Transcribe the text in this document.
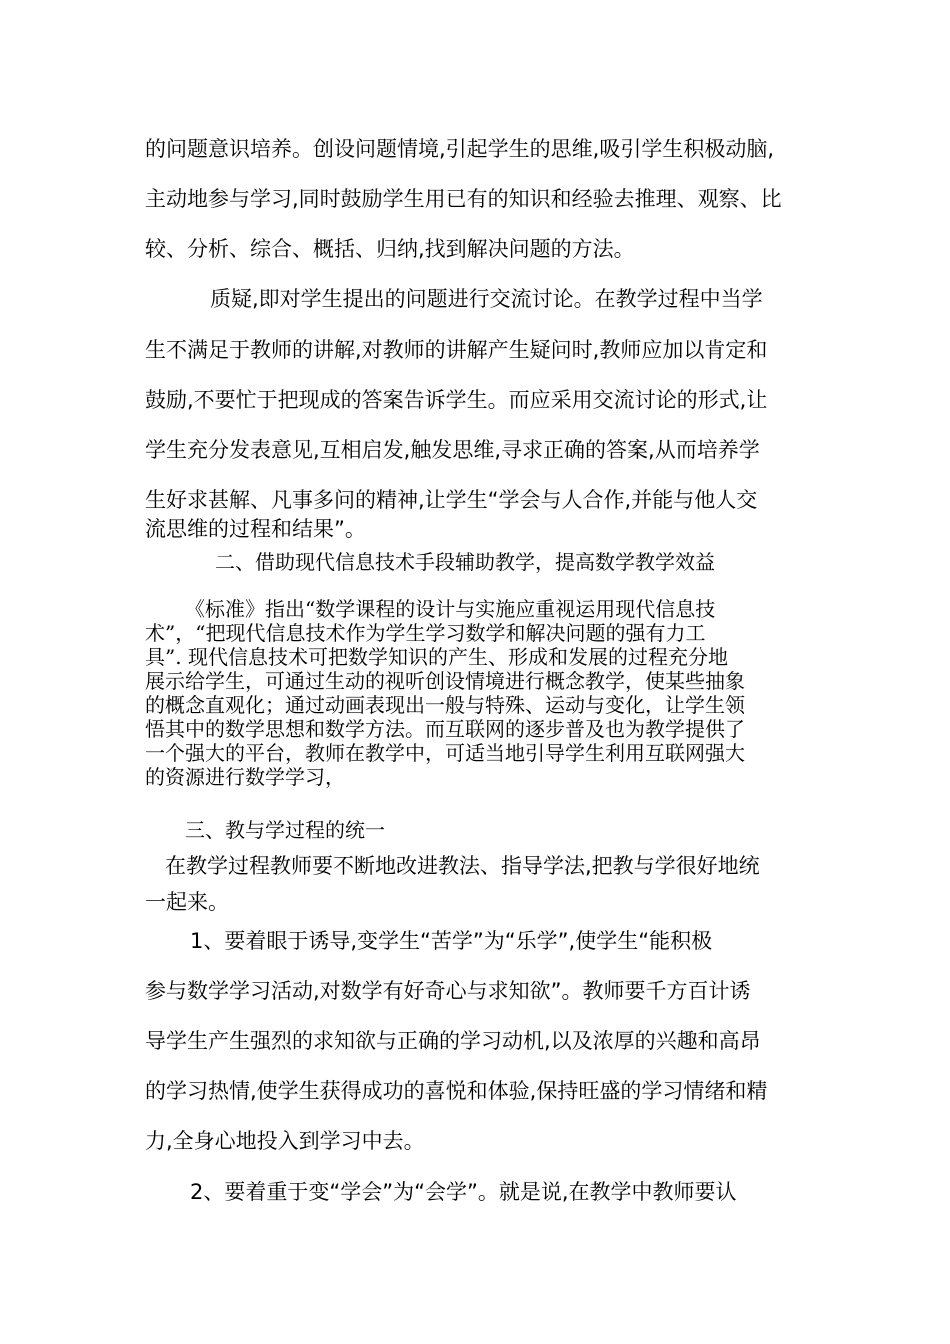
的问题意识培养。创设问题情境,引起学生的思维,吸引学生积极动脑,
主动地参与学习,同时鼓励学生用已有的知识和经验去推理、观察、比
较、分析、综合、概括、归纳,找到解决问题的方法。
质疑,即对学生提出的问题进行交流讨论。在教学过程中当学
生不满足于教师的讲解,对教师的讲解产生疑问时,教师应加以肯定和
鼓励,不要忙于把现成的答案告诉学生。而应采用交流讨论的形式,让
学生充分发表意见,互相启发,触发思维,寻求正确的答案,从而培养学
生好求甚解、凡事多问的精神,让学生“学会与人合作,并能与他人交
流思维的过程和结果”。
二、借助现代信息技术手段辅助教学，提高数学教学效益
《标准》指出“数学课程的设计与实施应重视运用现代信息技
术”，“把现代信息技术作为学生学习数学和解决问题的强有力工
具”. 现代信息技术可把数学知识的产生、形成和发展的过程充分地
展示给学生，可通过生动的视听创设情境进行概念教学，使某些抽象
的概念直观化；通过动画表现出一般与特殊、运动与变化，让学生领
悟其中的数学思想和数学方法。而互联网的逐步普及也为教学提供了
一个强大的平台，教师在教学中，可适当地引导学生利用互联网强大
的资源进行数学学习，
三、教与学过程的统一
在教学过程教师要不断地改进教法、指导学法,把教与学很好地统
一起来。
1、要着眼于诱导,变学生“苦学”为“乐学”,使学生“能积极
参与数学学习活动,对数学有好奇心与求知欲”。教师要千方百计诱
导学生产生强烈的求知欲与正确的学习动机,以及浓厚的兴趣和高昂
的学习热情,使学生获得成功的喜悦和体验,保持旺盛的学习情绪和精
力,全身心地投入到学习中去。
2、要着重于变“学会”为“会学”。就是说,在教学中教师要认
